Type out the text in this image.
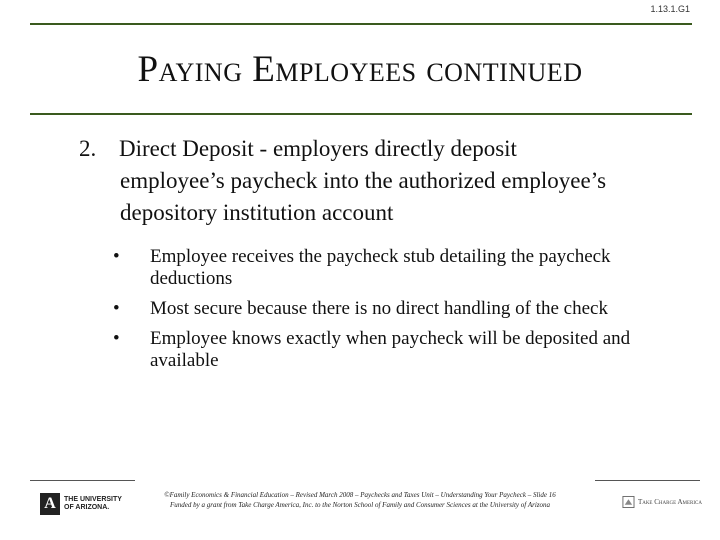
1.13.1.G1
Paying Employees continued
2. Direct Deposit - employers directly deposit
employee’s paycheck into the authorized employee’s depository institution account
• Employee receives the paycheck stub detailing the paycheck deductions
• Most secure because there is no direct handling of the check
• Employee knows exactly when paycheck will be deposited and available
A	THE UNIVERSITY
OF ARIZONA.
©Family Economics & Financial Education – Revised March 2008 – Paychecks and Taxes Unit – Understanding Your Paycheck – Slide 16
Funded by a grant from Take Charge America, Inc. to the Norton School of Family and Consumer Sciences at the University of Arizona	Take Charge America
